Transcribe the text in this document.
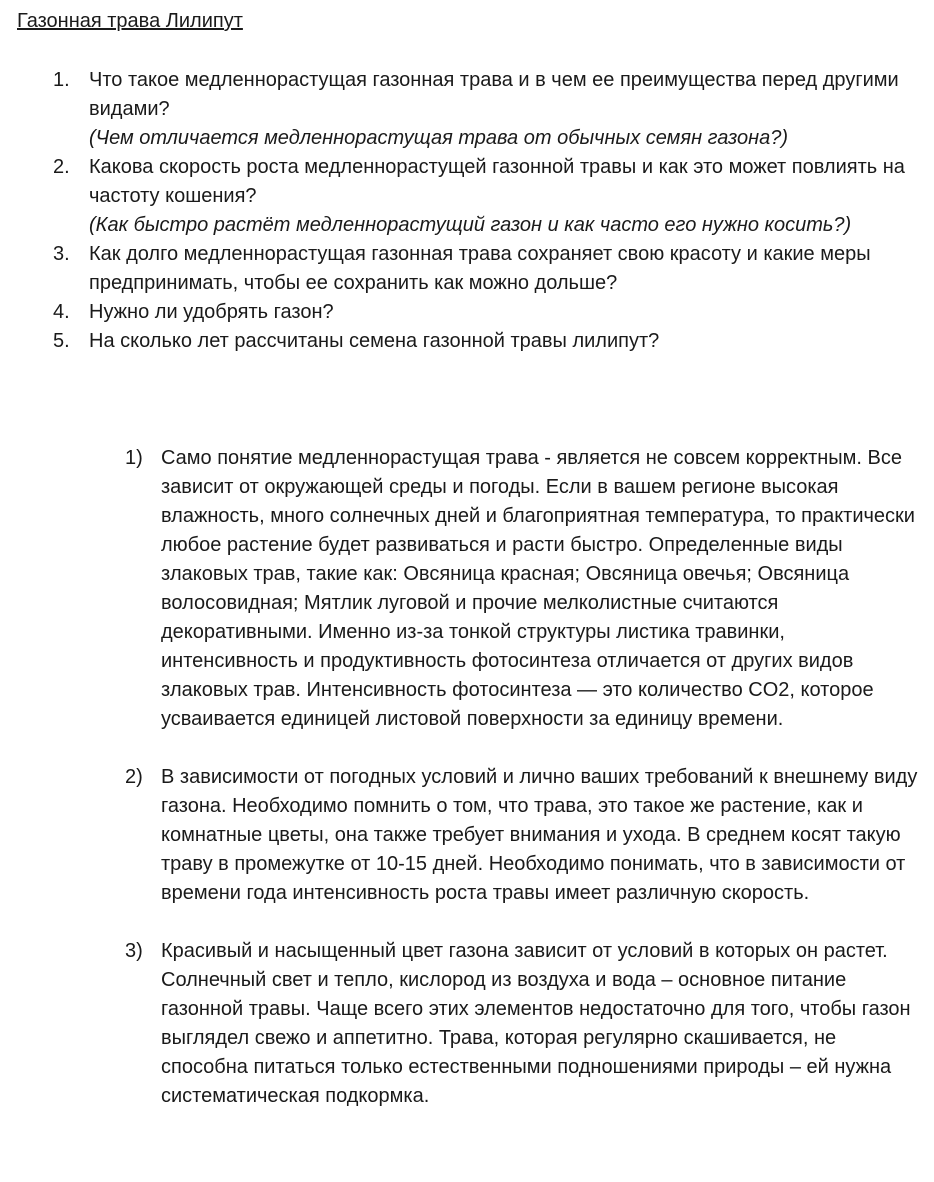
Газонная трава Лилипут
1. Что такое медленнорастущая газонная трава и в чем ее преимущества перед другими видами?
(Чем отличается медленнорастущая трава от обычных семян газона?)
2. Какова скорость роста медленнорастущей газонной травы и как это может повлиять на частоту кошения?
(Как быстро растёт медленнорастущий газон и как часто его нужно косить?)
3. Как долго медленнорастущая газонная трава сохраняет свою красоту и какие меры предпринимать, чтобы ее сохранить как можно дольше?
4. Нужно ли удобрять газон?
5. На сколько лет рассчитаны семена газонной травы лилипут?
1) Само понятие медленнорастущая трава - является не совсем корректным. Все зависит от окружающей среды и погоды. Если в вашем регионе высокая влажность, много солнечных дней и благоприятная температура, то практически любое растение будет развиваться и расти быстро. Определенные виды злаковых трав, такие как: Овсяница красная; Овсяница овечья; Овсяница волосовидная; Мятлик луговой и прочие мелколистные считаются декоративными. Именно из-за тонкой структуры листика травинки, интенсивность и продуктивность фотосинтеза отличается от других видов злаковых трав. Интенсивность фотосинтеза — это количество CO2, которое усваивается единицей листовой поверхности за единицу времени.
2) В зависимости от погодных условий и лично ваших требований к внешнему виду газона. Необходимо помнить о том, что трава, это такое же растение, как и комнатные цветы, она также требует внимания и ухода. В среднем косят такую траву в промежутке от 10-15 дней. Необходимо понимать, что в зависимости от времени года интенсивность роста травы имеет различную скорость.
3) Красивый и насыщенный цвет газона зависит от условий в которых он растет. Солнечный свет и тепло, кислород из воздуха и вода – основное питание газонной травы. Чаще всего этих элементов недостаточно для того, чтобы газон выглядел свежо и аппетитно. Трава, которая регулярно скашивается, не способна питаться только естественными подношениями природы – ей нужна систематическая подкормка.
